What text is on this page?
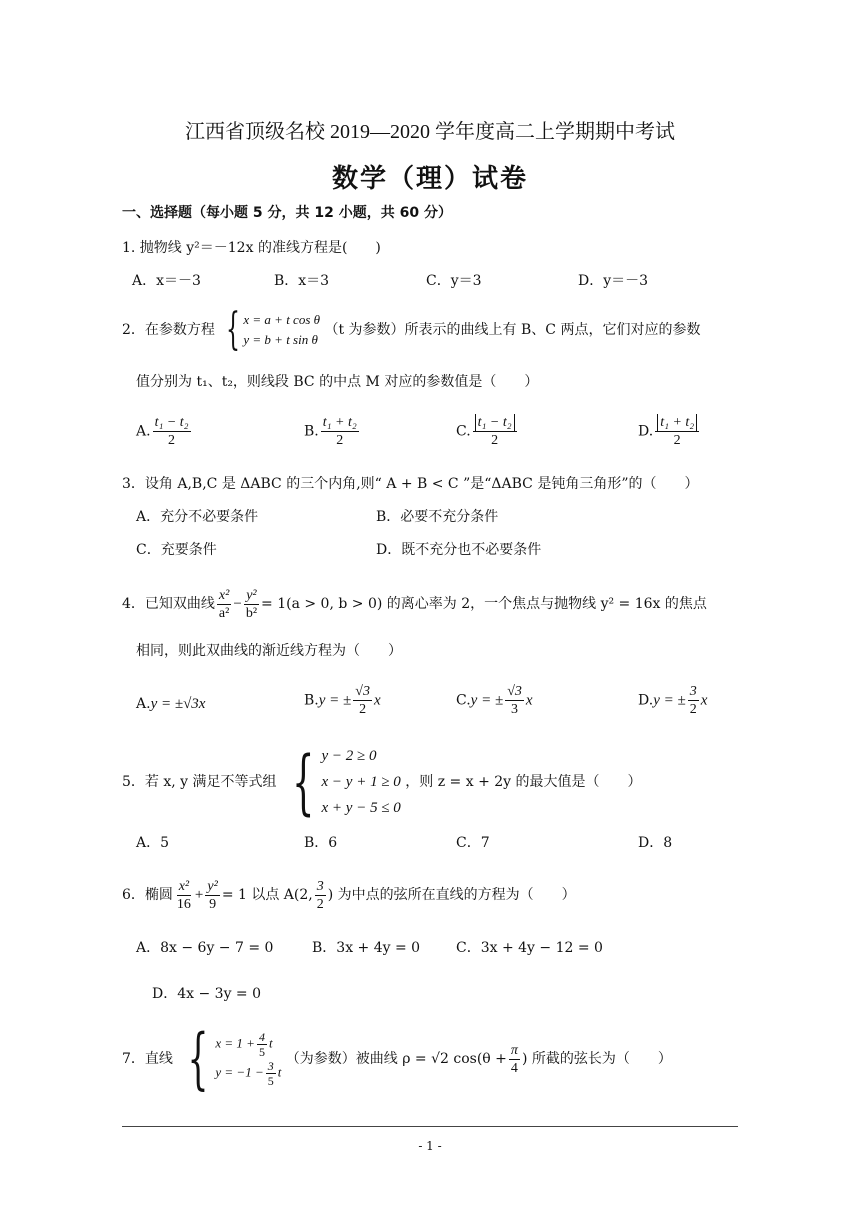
江西省顶级名校 2019—2020 学年度高二上学期期中考试
数学（理）试卷
一、选择题（每小题 5 分，共 12 小题，共 60 分）
1. 抛物线 y²＝－12x 的准线方程是(　　)
A．x＝－3	B．x＝3	C．y＝3	D．y＝－3
2．在参数方程 { x = a + t cos θ
y = b + t sin θ
（t 为参数）所表示的曲线上有 B、C 两点，它们对应的参数
值分别为 t₁、t₂，则线段 BC 的中点 M 对应的参数值是（　　）
A. $\frac{\text{t₁ − t₂}}{2}$	B. $\frac{\text{t₁ + t₂}}{2}$	C. $\frac{\text{t₁ − t₂}}{2}$	D. $\frac{\text{t₁ + t₂}}{2}$
3．设角 A,B,C 是 ΔABC 的三个内角,则“ A + B < C ”是“ΔABC 是钝角三角形”的（　　）
A．充分不必要条件	B．必要不充分条件
C．充要条件	D．既不充分也不必要条件
4．已知双曲线 $\frac{\text{x²}}{\text{a²}} - \frac{\text{y²}}{\text{b²}} = 1(a > 0$, b > 0) 的离心率为 2，一个焦点与抛物线 y² = 16x 的焦点
相同，则此双曲线的渐近线方程为（　　）
A.y = ±√3x	B.y = ± $\frac{√3}{2}$ x	C.y = ± $\frac{√3}{3}$ x	D.y = ± $\frac{3}{2}$ x
5．若 x, y 满足不等式组 { y − 2 ≥ 0
x − y + 1 ≥ 0
x + y − 5 ≤ 0
，则 z = x + 2y 的最大值是（　　）
A．5	B．6	C．7	D．8
6．椭圆 $\frac{\text{x²}}{16} + \frac{\text{y²}}{9} = 1$ 以点 A(2, $\frac{3}{2}$ ) 为中点的弦所在直线的方程为（　　）
A．8x − 6y − 7 = 0	B．3x + 4y = 0	C．3x + 4y − 12 = 0
D．4x − 3y = 0
7．直线 { $x = 1 + \frac{4}{5}$ t
$y = -1 - \frac{3}{5}$ t
（为参数）被曲线 ρ = √2 $\cos(\theta + \frac{\pi}{4}$ ) 所截的弦长为（　　）
- 1 -
